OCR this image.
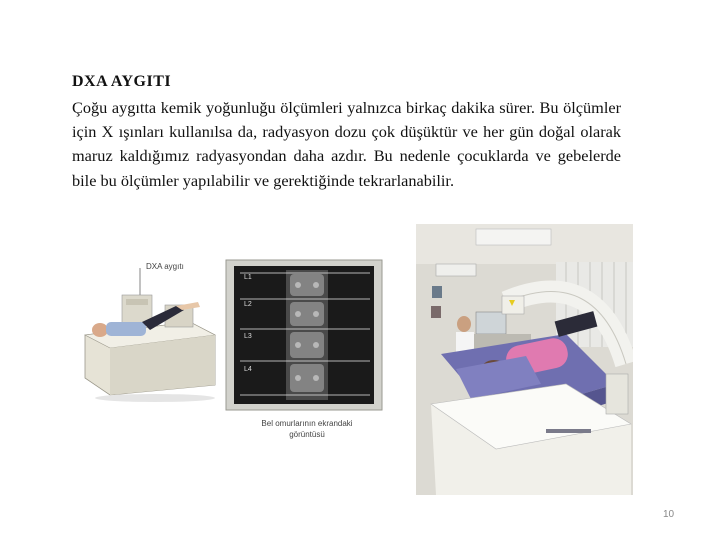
DXA AYGITI
Çoğu aygıtta kemik yoğunluğu ölçümleri yalnızca birkaç dakika sürer. Bu ölçümler için X ışınları kullanılsa da, radyasyon dozu çok düşüktür ve her gün doğal olarak maruz kaldığımız radyasyondan daha azdır. Bu nedenle çocuklarda ve gebelerde bile bu ölçümler yapılabilir ve gerektiğinde tekrarlanabilir.
DXA aygıtı
L1
L2
L3
L4
Bel omurlarının ekrandaki görüntüsü
10
